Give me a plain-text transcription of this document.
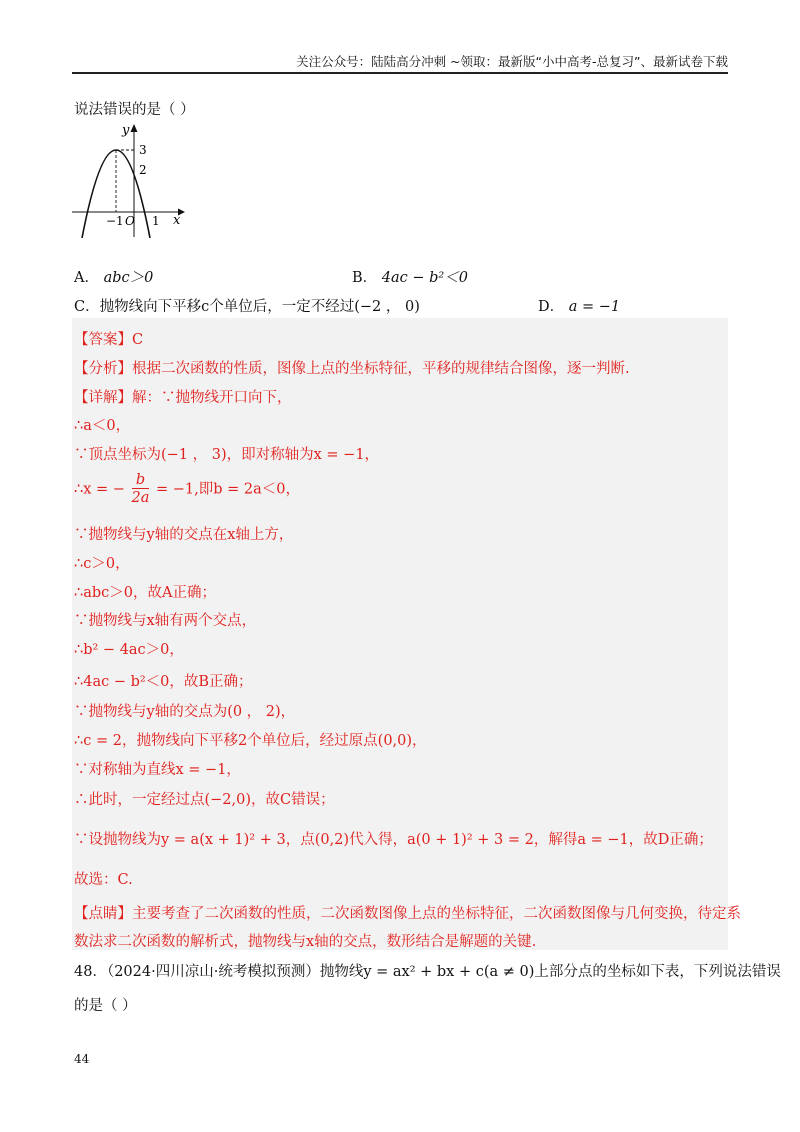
关注公众号：陆陆高分冲刺 ~领取：最新版“小中高考-总复习”、最新试卷下载
说法错误的是（ ）
y
x
O
−1 1
3
2
A． abc＞0	B． 4ac − b²＜0
C．抛物线向下平移c个单位后，一定不经过(−2 ， 0)	D． a = −1
【答案】C
【分析】根据二次函数的性质，图像上点的坐标特征，平移的规律结合图像，逐一判断.
【详解】解：∵抛物线开口向下，
∴a＜0，
∵顶点坐标为(−1 ， 3)，即对称轴为x = −1，
∴x = − $\frac{b}{2a} = -1$,即b = 2a＜0，
∵抛物线与y轴的交点在x轴上方，
∴c＞0，
∴abc＞0，故A正确；
∵抛物线与x轴有两个交点，
∴b² − 4ac＞0，
∴4ac − b²＜0，故B正确；
∵抛物线与y轴的交点为(0 ， 2)，
∴c = 2，抛物线向下平移2个单位后，经过原点(0,0)，
∵对称轴为直线x = −1，
∴此时，一定经过点(−2,0)，故C错误；
∵设抛物线为y = a(x + 1)² + 3，点(0,2)代入得，a(0 + 1)² + 3 = 2，解得a = −1，故D正确；
故选：C.
【点睛】主要考查了二次函数的性质，二次函数图像上点的坐标特征，二次函数图像与几何变换，待定系
数法求二次函数的解析式，抛物线与x轴的交点，数形结合是解题的关键.
48．（2024·四川凉山·统考模拟预测）抛物线y = ax² + bx + c(a ≠ 0)上部分点的坐标如下表，下列说法错误
的是（ ）
44
